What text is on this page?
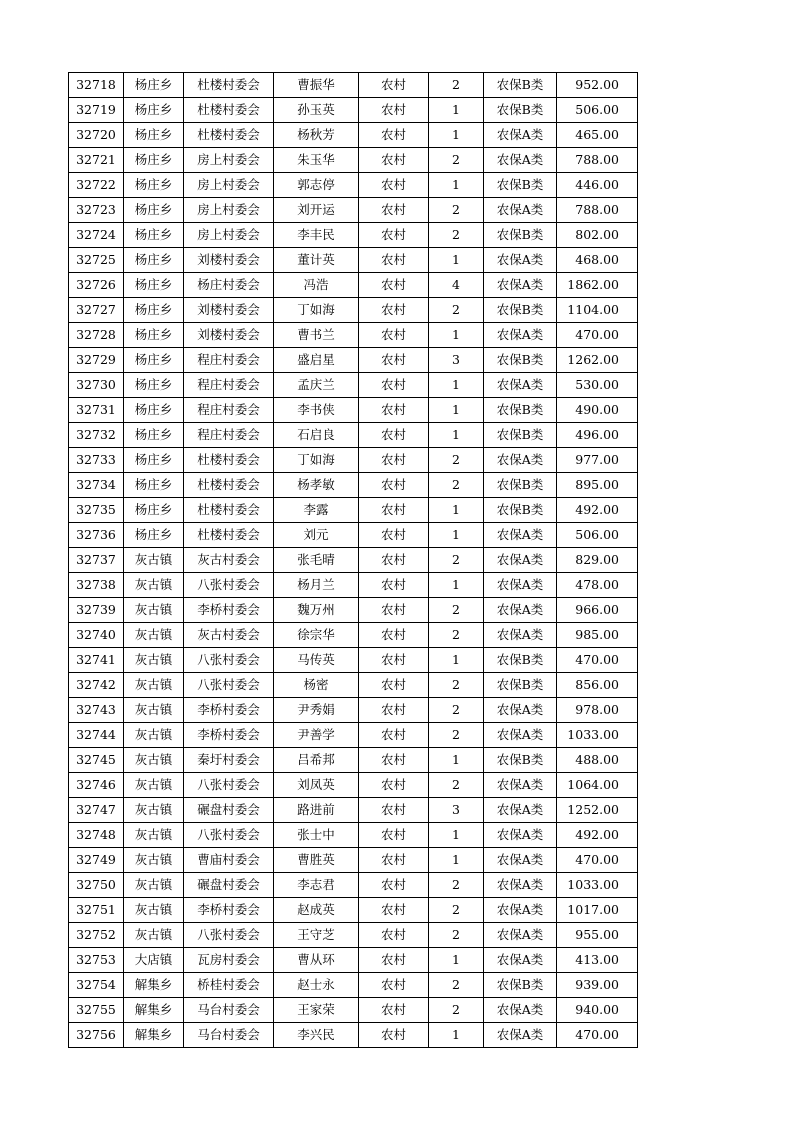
32718	杨庄乡	杜楼村委会	曹振华	农村	2	农保B类	952.00
32719	杨庄乡	杜楼村委会	孙玉英	农村	1	农保B类	506.00
32720	杨庄乡	杜楼村委会	杨秋芳	农村	1	农保A类	465.00
32721	杨庄乡	房上村委会	朱玉华	农村	2	农保A类	788.00
32722	杨庄乡	房上村委会	郭志停	农村	1	农保B类	446.00
32723	杨庄乡	房上村委会	刘开运	农村	2	农保A类	788.00
32724	杨庄乡	房上村委会	李丰民	农村	2	农保B类	802.00
32725	杨庄乡	刘楼村委会	董计英	农村	1	农保A类	468.00
32726	杨庄乡	杨庄村委会	冯浩	农村	4	农保A类	1862.00
32727	杨庄乡	刘楼村委会	丁如海	农村	2	农保B类	1104.00
32728	杨庄乡	刘楼村委会	曹书兰	农村	1	农保A类	470.00
32729	杨庄乡	程庄村委会	盛启星	农村	3	农保B类	1262.00
32730	杨庄乡	程庄村委会	孟庆兰	农村	1	农保A类	530.00
32731	杨庄乡	程庄村委会	李书侠	农村	1	农保B类	490.00
32732	杨庄乡	程庄村委会	石启良	农村	1	农保B类	496.00
32733	杨庄乡	杜楼村委会	丁如海	农村	2	农保A类	977.00
32734	杨庄乡	杜楼村委会	杨孝敏	农村	2	农保B类	895.00
32735	杨庄乡	杜楼村委会	李露	农村	1	农保B类	492.00
32736	杨庄乡	杜楼村委会	刘元	农村	1	农保A类	506.00
32737	灰古镇	灰古村委会	张毛晴	农村	2	农保A类	829.00
32738	灰古镇	八张村委会	杨月兰	农村	1	农保A类	478.00
32739	灰古镇	李桥村委会	魏万州	农村	2	农保A类	966.00
32740	灰古镇	灰古村委会	徐宗华	农村	2	农保A类	985.00
32741	灰古镇	八张村委会	马传英	农村	1	农保B类	470.00
32742	灰古镇	八张村委会	杨密	农村	2	农保B类	856.00
32743	灰古镇	李桥村委会	尹秀娟	农村	2	农保A类	978.00
32744	灰古镇	李桥村委会	尹善学	农村	2	农保A类	1033.00
32745	灰古镇	秦圩村委会	吕希邦	农村	1	农保B类	488.00
32746	灰古镇	八张村委会	刘凤英	农村	2	农保A类	1064.00
32747	灰古镇	碾盘村委会	路进前	农村	3	农保A类	1252.00
32748	灰古镇	八张村委会	张士中	农村	1	农保A类	492.00
32749	灰古镇	曹庙村委会	曹胜英	农村	1	农保A类	470.00
32750	灰古镇	碾盘村委会	李志君	农村	2	农保A类	1033.00
32751	灰古镇	李桥村委会	赵成英	农村	2	农保A类	1017.00
32752	灰古镇	八张村委会	王守芝	农村	2	农保A类	955.00
32753	大店镇	瓦房村委会	曹从环	农村	1	农保A类	413.00
32754	解集乡	桥桂村委会	赵士永	农村	2	农保B类	939.00
32755	解集乡	马台村委会	王家荣	农村	2	农保A类	940.00
32756	解集乡	马台村委会	李兴民	农村	1	农保A类	470.00
